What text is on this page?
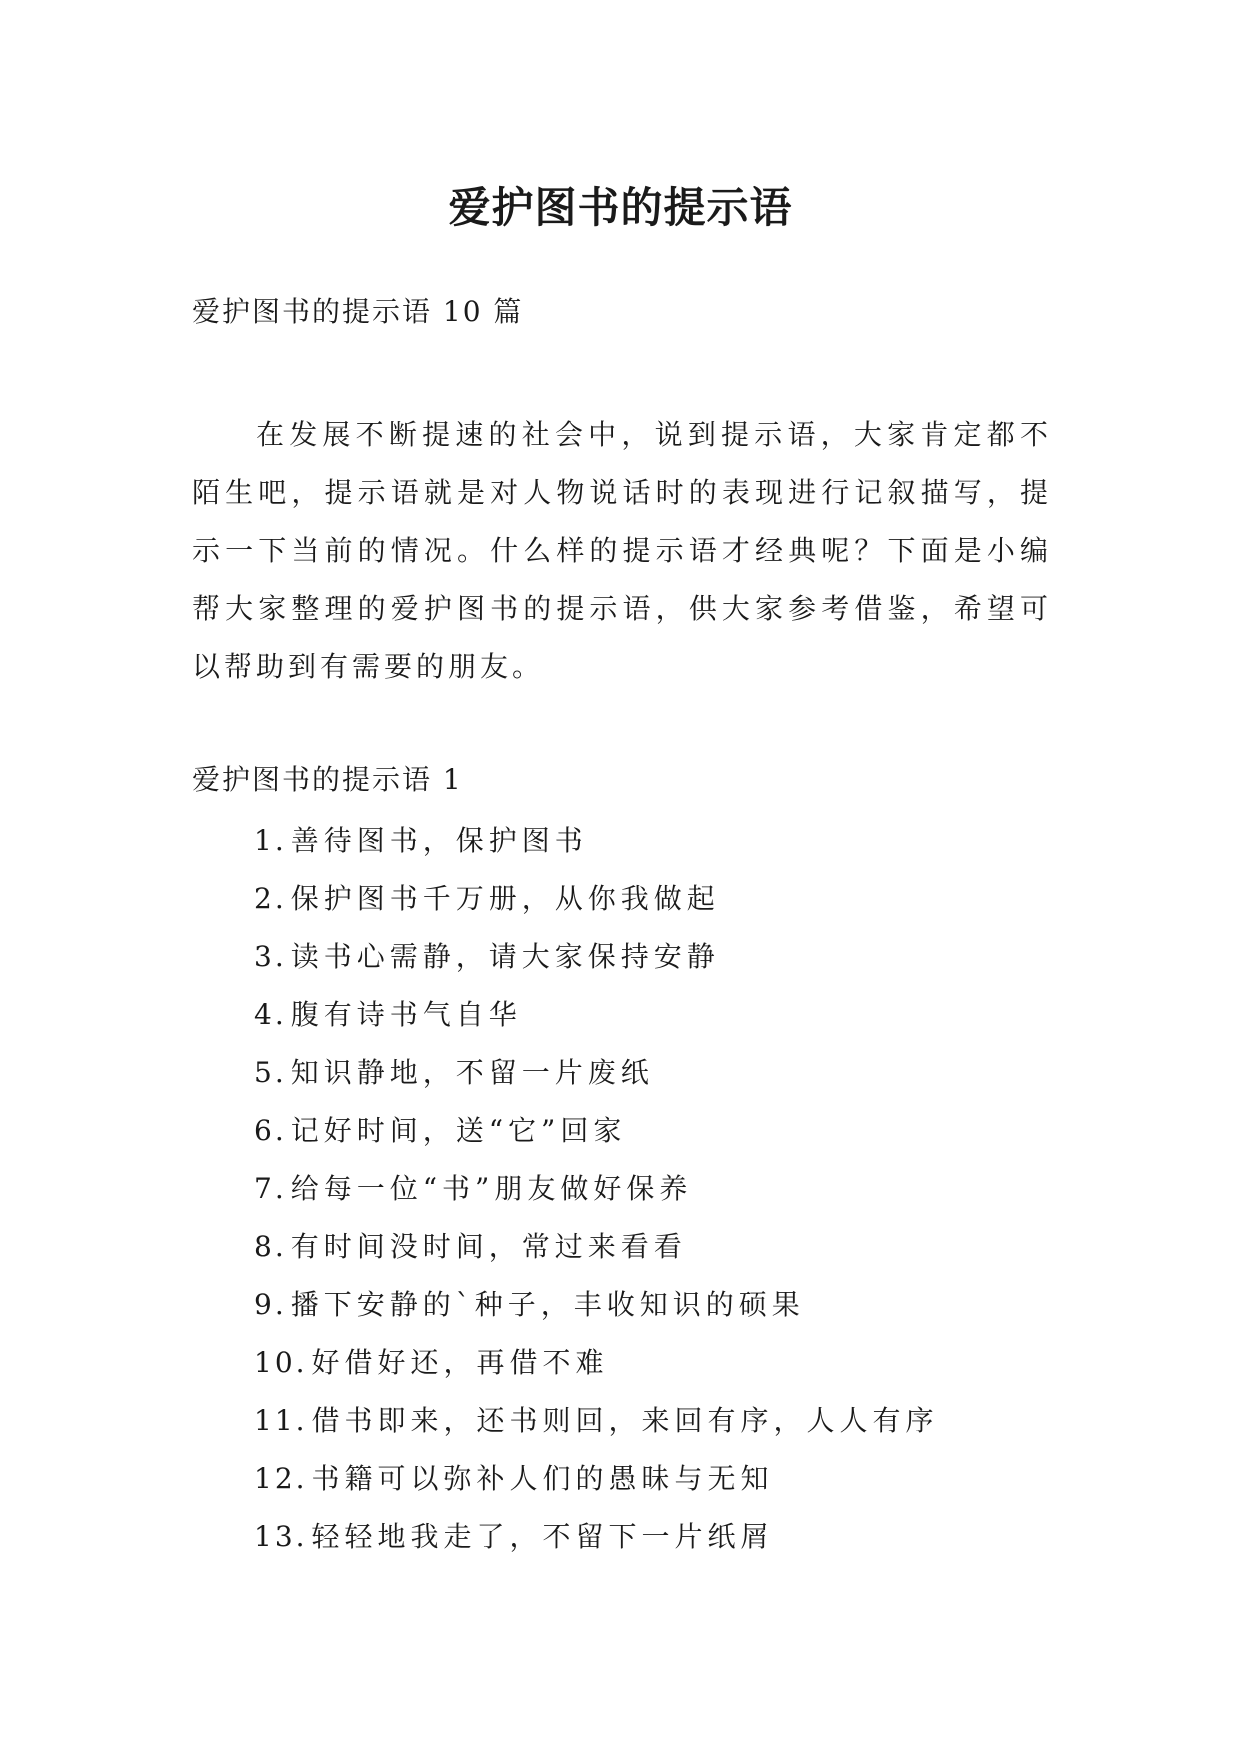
爱护图书的提示语
爱护图书的提示语 10 篇

在发展不断提速的社会中，说到提示语，大家肯定都不陌生吧，提示语就是对人物说话时的表现进行记叙描写，提示一下当前的情况。什么样的提示语才经典呢？下面是小编帮大家整理的爱护图书的提示语，供大家参考借鉴，希望可以帮助到有需要的朋友。

爱护图书的提示语 1
1. 善待图书，保护图书
2. 保护图书千万册，从你我做起
3. 读书心需静，请大家保持安静
4. 腹有诗书气自华
5. 知识静地，不留一片废纸
6. 记好时间，送“它”回家
7. 给每一位“书”朋友做好保养
8. 有时间没时间，常过来看看
9. 播下安静的`种子，丰收知识的硕果
10. 好借好还，再借不难
11. 借书即来，还书则回，来回有序，人人有序
12. 书籍可以弥补人们的愚昧与无知
13. 轻轻地我走了，不留下一片纸屑
